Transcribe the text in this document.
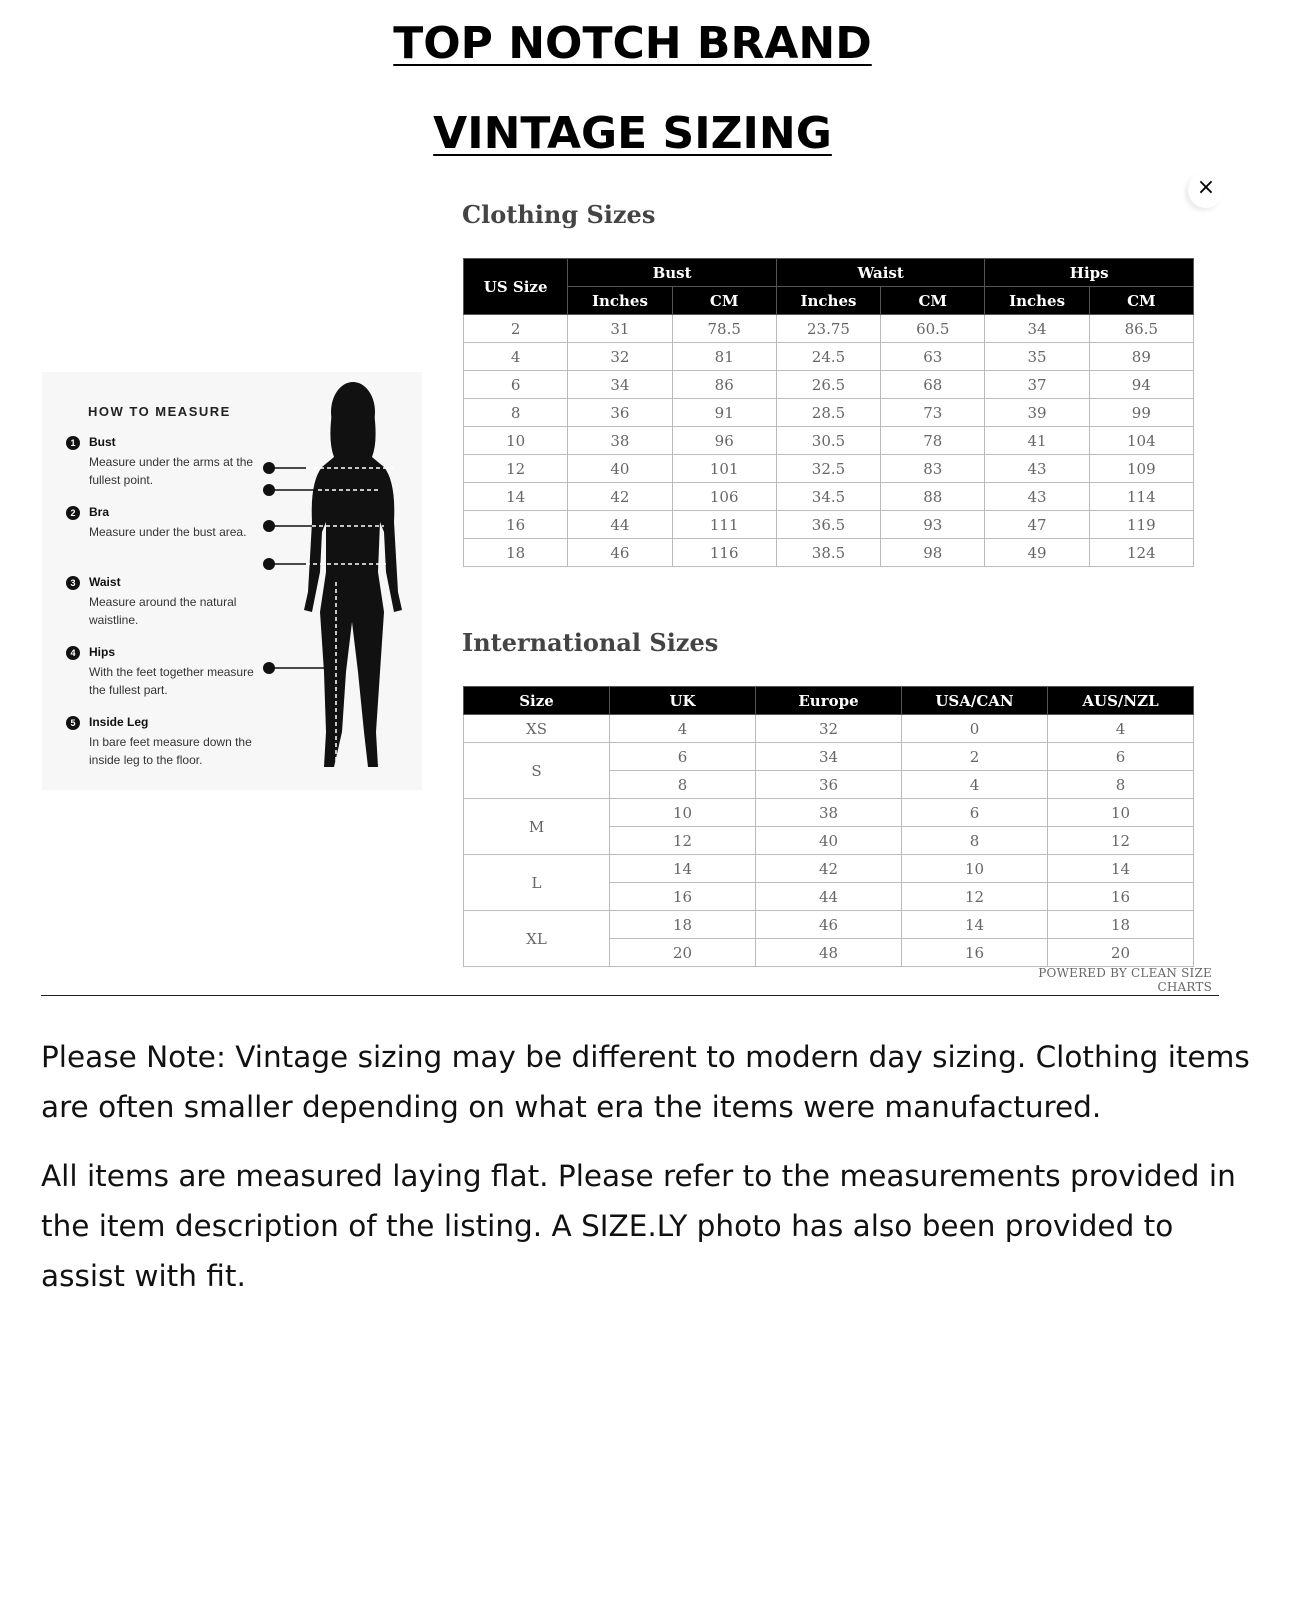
TOP NOTCH BRAND
VINTAGE SIZING
×
Clothing Sizes
US Size	Bust		Waist		Hips	
	Inches	CM	Inches	CM	Inches	CM
2	31	78.5	23.75	60.5	34	86.5
4	32	81	24.5	63	35	89
6	34	86	26.5	68	37	94
8	36	91	28.5	73	39	99
10	38	96	30.5	78	41	104
12	40	101	32.5	83	43	109
14	42	106	34.5	88	43	114
16	44	111	36.5	93	47	119
18	46	116	38.5	98	49	124
HOW TO MEASURE
1	Bust
Measure under the arms at the fullest point.
2	Bra
Measure under the bust area.
3	Waist
Measure around the natural waistline.
4	Hips
With the feet together measure the fullest part.
5	Inside Leg
In bare feet measure down the inside leg to the floor.
International Sizes
Size	UK	Europe	USA/CAN	AUS/NZL
XS	4	32	0	4
S	6	34	2	6
	8	36	4	8
M	10	38	6	10
	12	40	8	12
L	14	42	10	14
	16	44	12	16
XL	18	46	14	18
	20	48	16	20
POWERED BY CLEAN SIZE CHARTS

Please Note: Vintage sizing may be different to modern day sizing. Clothing items are often smaller depending on what era the items were manufactured.

All items are measured laying flat. Please refer to the measurements provided in the item description of the listing. A SIZE.LY photo has also been provided to assist with fit.
